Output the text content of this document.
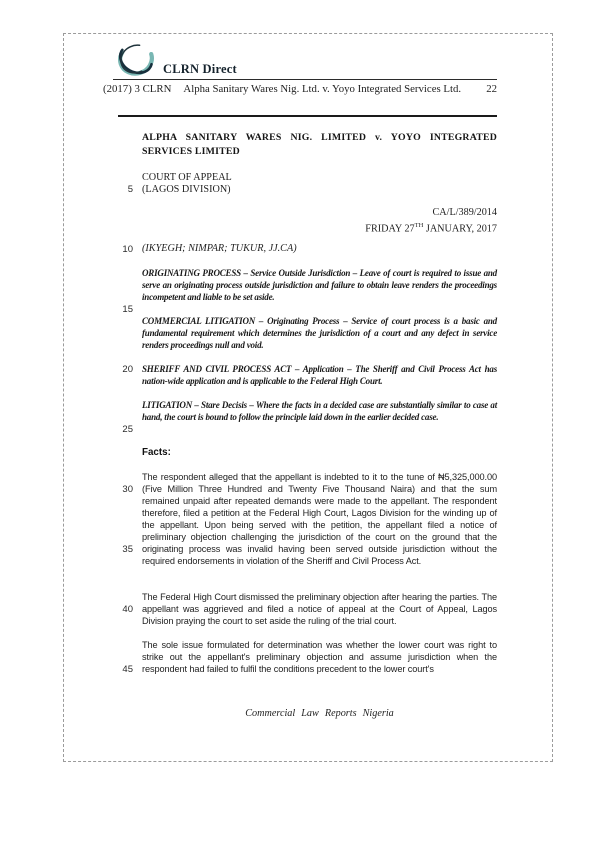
CLRN Direct
(2017) 3 CLRN Alpha Sanitary Wares Nig. Ltd. v. Yoyo Integrated Services Ltd. 22
5
10
15
20
25
30
35
40
45
ALPHA SANITARY WARES NIG. LIMITED v. YOYO INTEGRATED
SERVICES LIMITED
COURT OF APPEAL
(LAGOS DIVISION)
CA/L/389/2014
FRIDAY 27TH JANUARY, 2017
(IKYEGH; NIMPAR; TUKUR, JJ.CA)
ORIGINATING PROCESS – Service Outside Jurisdiction – Leave of court is required to issue and serve an originating process outside jurisdiction and failure to obtain leave renders the proceedings incompetent and liable to be set aside.
COMMERCIAL LITIGATION – Originating Process – Service of court process is a basic and fundamental requirement which determines the jurisdiction of a court and any defect in service renders proceedings null and void.
SHERIFF AND CIVIL PROCESS ACT – Application – The Sheriff and Civil Process Act has nation-wide application and is applicable to the Federal High Court.
LITIGATION – Stare Decisis – Where the facts in a decided case are substantially similar to case at hand, the court is bound to follow the principle laid down in the earlier decided case.
Facts:
The respondent alleged that the appellant is indebted to it to the tune of ₦5,325,000.00 (Five Million Three Hundred and Twenty Five Thousand Naira) and that the sum remained unpaid after repeated demands were made to the appellant. The respondent therefore, filed a petition at the Federal High Court, Lagos Division for the winding up of the appellant. Upon being served with the petition, the appellant filed a notice of preliminary objection challenging the jurisdiction of the court on the ground that the originating process was invalid having been served outside jurisdiction without the required endorsements in violation of the Sheriff and Civil Process Act.
The Federal High Court dismissed the preliminary objection after hearing the parties. The appellant was aggrieved and filed a notice of appeal at the Court of Appeal, Lagos Division praying the court to set aside the ruling of the trial court.
The sole issue formulated for determination was whether the lower court was right to strike out the appellant's preliminary objection and assume jurisdiction when the respondent had failed to fulfil the conditions precedent to the lower court's
Commercial Law Reports Nigeria
